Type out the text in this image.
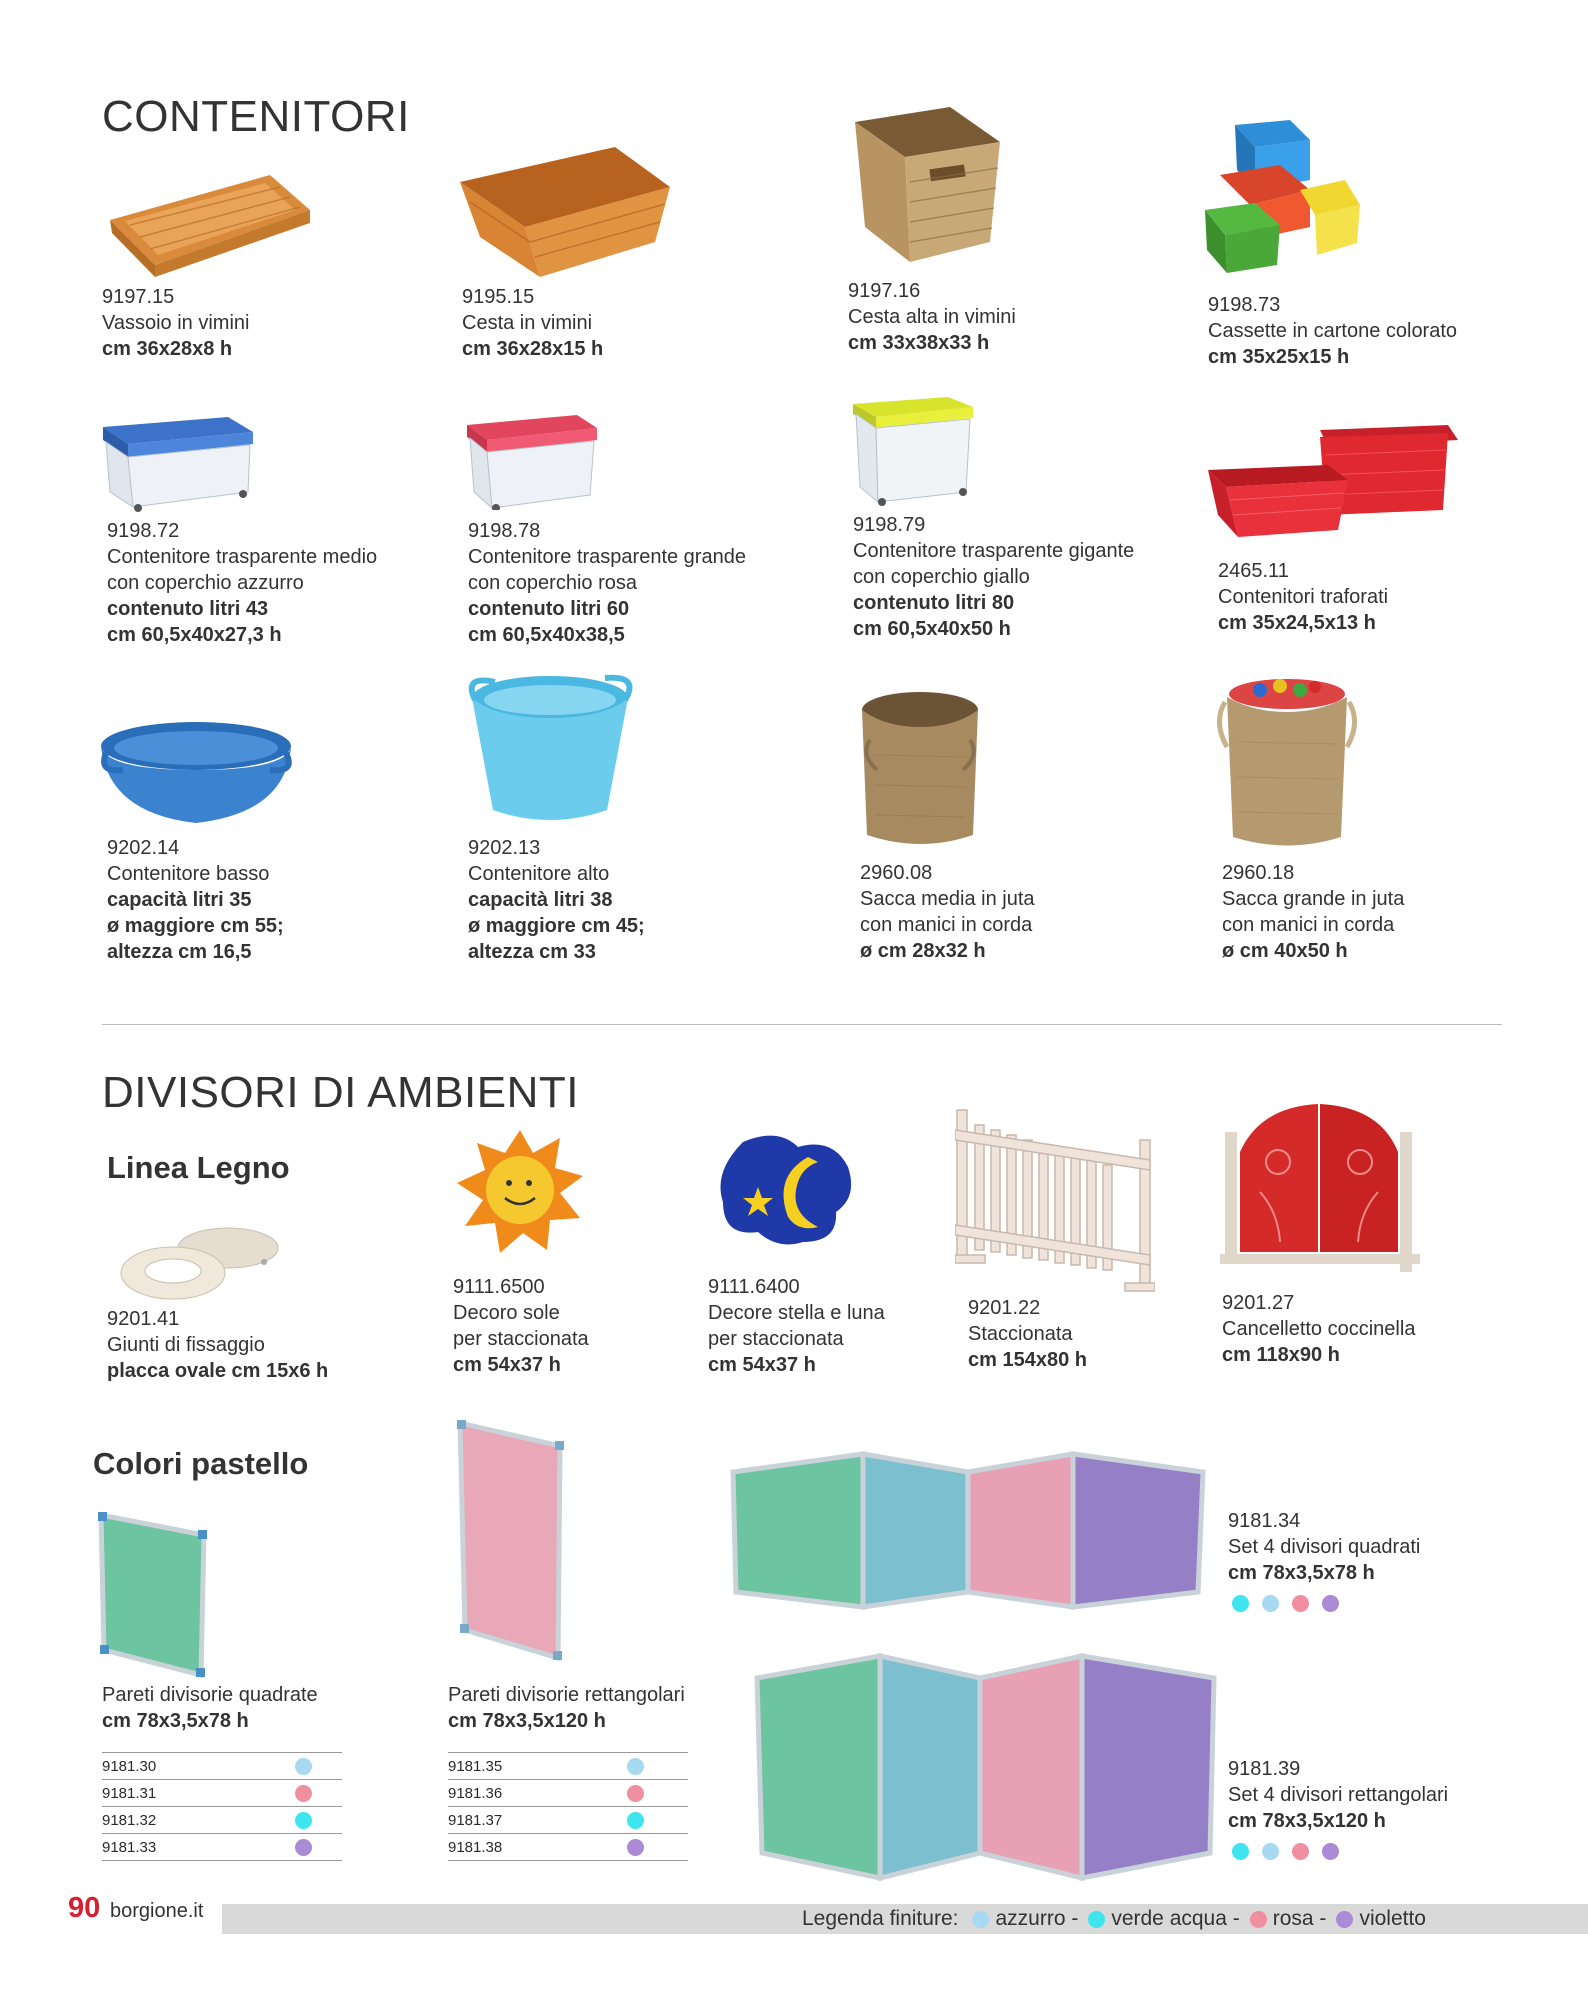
CONTENITORI
9197.15
Vassoio in vimini
cm 36x28x8 h
9195.15
Cesta in vimini
cm 36x28x15 h
9197.16
Cesta alta in vimini
cm 33x38x33 h
9198.73
Cassette in cartone colorato
cm 35x25x15 h
9198.72
Contenitore trasparente medio
con coperchio azzurro
contenuto litri 43
cm 60,5x40x27,3 h
9198.78
Contenitore trasparente grande
con coperchio rosa
contenuto litri 60
cm 60,5x40x38,5
9198.79
Contenitore trasparente gigante
con coperchio giallo
contenuto litri 80
cm 60,5x40x50 h
2465.11
Contenitori traforati
cm 35x24,5x13 h
9202.14
Contenitore basso
capacità litri 35
ø maggiore cm 55;
altezza cm 16,5
9202.13
Contenitore alto
capacità litri 38
ø maggiore cm 45;
altezza cm 33
2960.08
Sacca media in juta
con manici in corda
ø cm 28x32 h
2960.18
Sacca grande in juta
con manici in corda
ø cm 40x50 h
DIVISORI DI AMBIENTI
Linea Legno
9201.41
Giunti di fissaggio
placca ovale cm 15x6 h
9111.6500
Decoro sole
per staccionata
cm 54x37 h
9111.6400
Decore stella e luna
per staccionata
cm 54x37 h
9201.22
Staccionata
cm 154x80 h
9201.27
Cancelletto coccinella
cm 118x90 h
Colori pastello
Pareti divisorie quadrate
cm 78x3,5x78 h
9181.30
9181.31
9181.32
9181.33
Pareti divisorie rettangolari
cm 78x3,5x120 h
9181.35
9181.36
9181.37
9181.38
9181.34
Set 4 divisori quadrati
cm 78x3,5x78 h
9181.39
Set 4 divisori rettangolari
cm 78x3,5x120 h
90 borgione.it	Legenda finiture: azzurro - verde acqua - rosa - violetto
